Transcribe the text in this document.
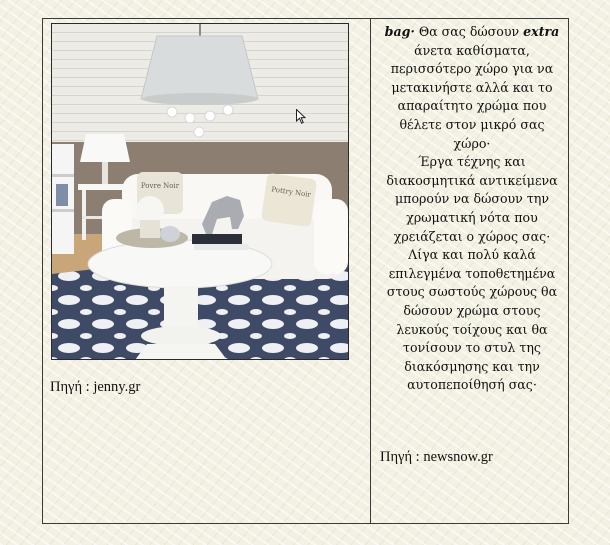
Povre Noir	Pottry Noir
Πηγή : jenny.gr

bag· Θα σας δώσουν extra άνετα καθίσματα, περισσότερο χώρο για να μετακινήστε αλλά και το απαραίτητο χρώμα που θέλετε στον μικρό σας χώρο·

Έργα τέχνης και διακοσμητικά αντικείμενα μπορούν να δώσουν την χρωματική νότα που χρειάζεται ο χώρος σας· Λίγα και πολύ καλά επιλεγμένα τοποθετημένα στους σωστούς χώρους θα δώσουν χρώμα στους λευκούς τοίχους και θα τονίσουν το στυλ της διακόσμησης και την αυτοπεποίθησή σας·

Πηγή : newsnow.gr
